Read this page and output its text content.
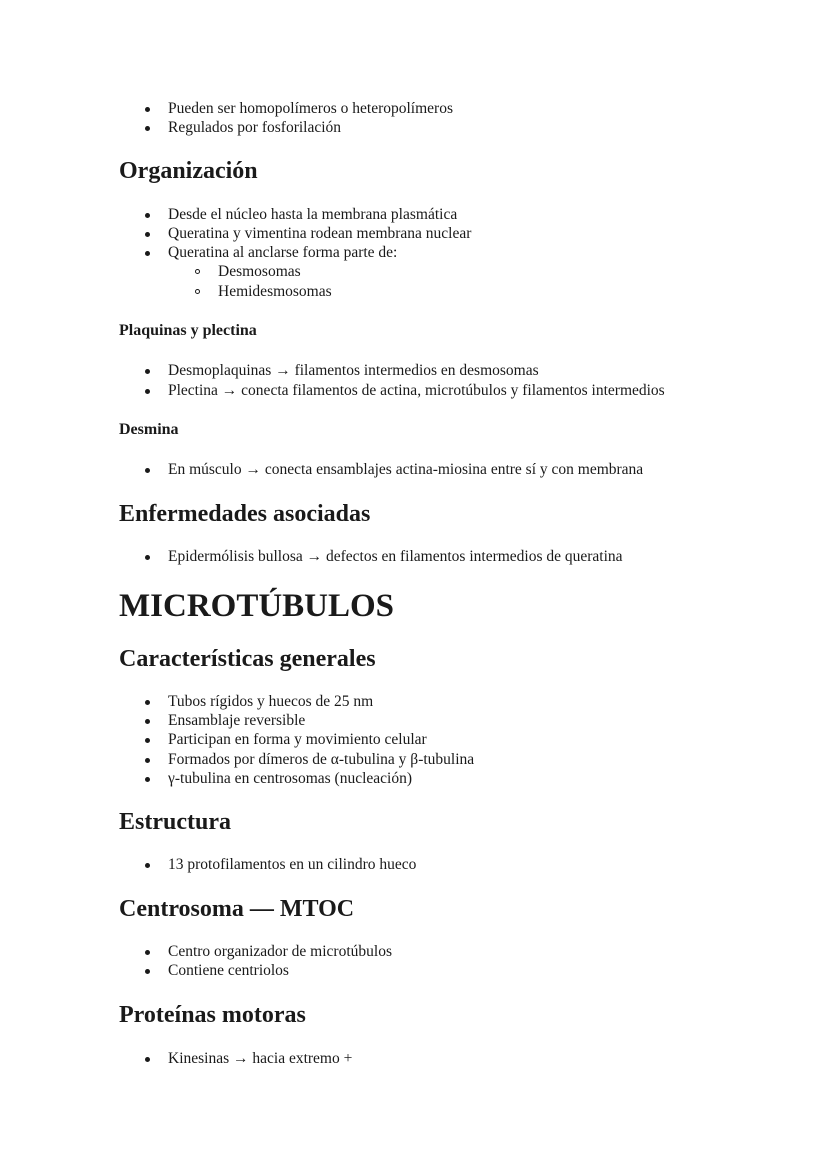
Pueden ser homopolímeros o heteropolímeros
Regulados por fosforilación
Organización
Desde el núcleo hasta la membrana plasmática
Queratina y vimentina rodean membrana nuclear
Queratina al anclarse forma parte de:
Desmosomas
Hemidesmosomas
Plaquinas y plectina
Desmoplaquinas → filamentos intermedios en desmosomas
Plectina → conecta filamentos de actina, microtúbulos y filamentos intermedios
Desmina
En músculo → conecta ensamblajes actina-miosina entre sí y con membrana
Enfermedades asociadas
Epidermólisis bullosa → defectos en filamentos intermedios de queratina
MICROTÚBULOS
Características generales
Tubos rígidos y huecos de 25 nm
Ensamblaje reversible
Participan en forma y movimiento celular
Formados por dímeros de α-tubulina y β-tubulina
γ-tubulina en centrosomas (nucleación)
Estructura
13 protofilamentos en un cilindro hueco
Centrosoma — MTOC
Centro organizador de microtúbulos
Contiene centriolos
Proteínas motoras
Kinesinas → hacia extremo +
